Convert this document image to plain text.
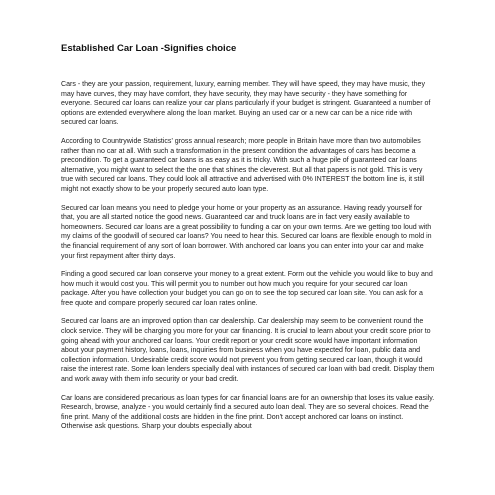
Established Car Loan -Signifies choice

Cars - they are your passion, requirement, luxury, earning member. They will have speed, they may have music, they may have curves, they may have comfort, they have security, they may have security - they have something for everyone. Secured car loans can realize your car plans particularly if your budget is stringent. Guaranteed a number of options are extended everywhere along the loan market. Buying an used car or a new car can be a nice ride with secured car loans.

According to Countrywide Statistics' gross annual research; more people in Britain have more than two automobiles rather than no car at all. With such a transformation in the present condition the advantages of cars has become a precondition. To get a guaranteed car loans is as easy as it is tricky. With such a huge pile of guaranteed car loans alternative, you might want to select the the one that shines the cleverest. But all that papers is not gold. This is very true with secured car loans. They could look all attractive and advertised with 0% INTEREST the bottom line is, it still might not exactly show to be your properly secured auto loan type.

Secured car loan means you need to pledge your home or your property as an assurance. Having ready yourself for that, you are all started notice the good news. Guaranteed car and truck loans are in fact very easily available to homeowners. Secured car loans are a great possibility to funding a car on your own terms. Are we getting too loud with my claims of the goodwill of secured car loans? You need to hear this. Secured car loans are flexible enough to mold in the financial requirement of any sort of loan borrower. With anchored car loans you can enter into your car and make your first repayment after thirty days.

Finding a good secured car loan conserve your money to a great extent. Form out the vehicle you would like to buy and how much it would cost you. This will permit you to number out how much you require for your secured car loan package. After you have collection your budget you can go on to see the top secured car loan site. You can ask for a free quote and compare properly secured car loan rates online.

Secured car loans are an improved option than car dealership. Car dealership may seem to be convenient round the clock service. They will be charging you more for your car financing. It is crucial to learn about your credit score prior to going ahead with your anchored car loans. Your credit report or your credit score would have important information about your payment history, loans, loans, inquiries from business when you have expected for loan, public data and collection information. Undesirable credit score would not prevent you from getting secured car loan, though it would raise the interest rate. Some loan lenders specially deal with instances of secured car loan with bad credit. Display them and work away with them info security or your bad credit.

Car loans are considered precarious as loan types for car financial loans are for an ownership that loses its value easily. Research, browse, analyze - you would certainly find a secured auto loan deal. They are so several choices. Read the fine print. Many of the additional costs are hidden in the fine print. Don't accept anchored car loans on instinct. Otherwise ask questions. Sharp your doubts especially about
